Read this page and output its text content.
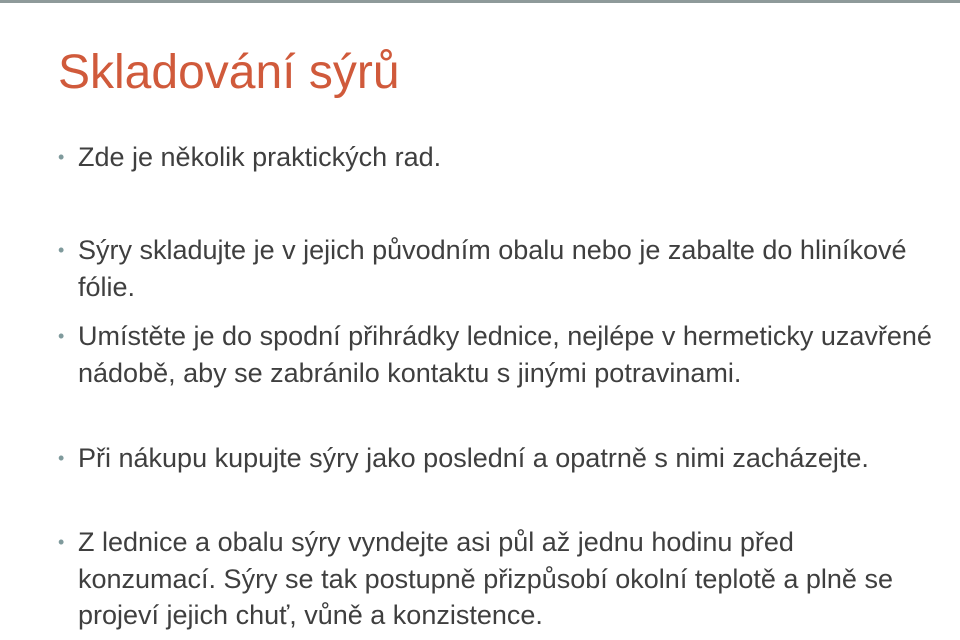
Skladování sýrů
• Zde je několik praktických rad.
• Sýry skladujte je v jejich původním obalu nebo je zabalte do hliníkové fólie.
• Umístěte je do spodní přihrádky lednice, nejlépe v hermeticky uzavřené nádobě, aby se zabránilo kontaktu s jinými potravinami.
• Při nákupu kupujte sýry jako poslední a opatrně s nimi zacházejte.
• Z lednice a obalu sýry vyndejte asi půl až jednu hodinu před konzumací. Sýry se tak postupně přizpůsobí okolní teplotě a plně se projeví jejich chuť, vůně a konzistence.
